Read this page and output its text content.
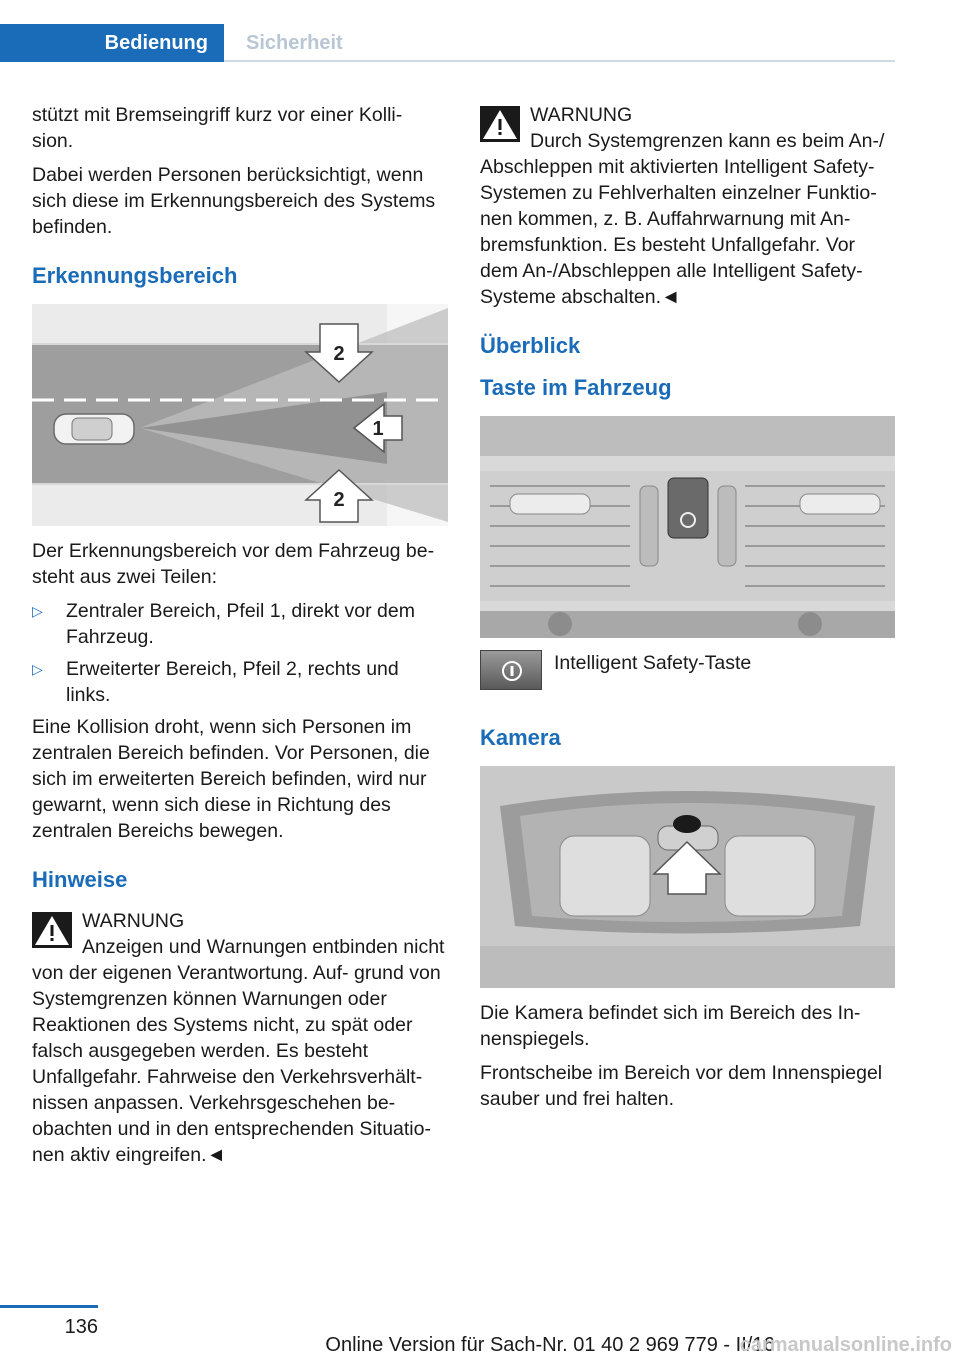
Bedienung	Sicherheit

stützt mit Bremseingriff kurz vor einer Kolli- sion.

Dabei werden Personen berücksichtigt, wenn sich diese im Erkennungsbereich des Systems befinden.

Erkennungsbereich
2
1
2

Der Erkennungsbereich vor dem Fahrzeug be- steht aus zwei Teilen:

▷ Zentraler Bereich, Pfeil 1, direkt vor dem Fahrzeug.
▷ Erweiterter Bereich, Pfeil 2, rechts und links.

Eine Kollision droht, wenn sich Personen im zentralen Bereich befinden. Vor Personen, die sich im erweiterten Bereich befinden, wird nur gewarnt, wenn sich diese in Richtung des zentralen Bereichs bewegen.

Hinweise
WARNUNG
Anzeigen und Warnungen entbinden nicht von der eigenen Verantwortung. Auf- grund von Systemgrenzen können Warnungen oder Reaktionen des Systems nicht, zu spät oder falsch ausgegeben werden. Es besteht Unfallgefahr. Fahrweise den Verkehrsverhält- nissen anpassen. Verkehrsgeschehen be- obachten und in den entsprechenden Situatio- nen aktiv eingreifen.◄
WARNUNG
Durch Systemgrenzen kann es beim An-/ Abschleppen mit aktivierten Intelligent Safety- Systemen zu Fehlverhalten einzelner Funktio- nen kommen, z. B. Auffahrwarnung mit An- bremsfunktion. Es besteht Unfallgefahr. Vor dem An-/Abschleppen alle Intelligent Safety- Systeme abschalten.◄
Überblick
Taste im Fahrzeug
Intelligent Safety-Taste
Kamera

Die Kamera befindet sich im Bereich des In- nenspiegels.

Frontscheibe im Bereich vor dem Innenspiegel sauber und frei halten.

136
Online Version für Sach-Nr. 01 40 2 969 779 - II/16
carmanualsonline.info
